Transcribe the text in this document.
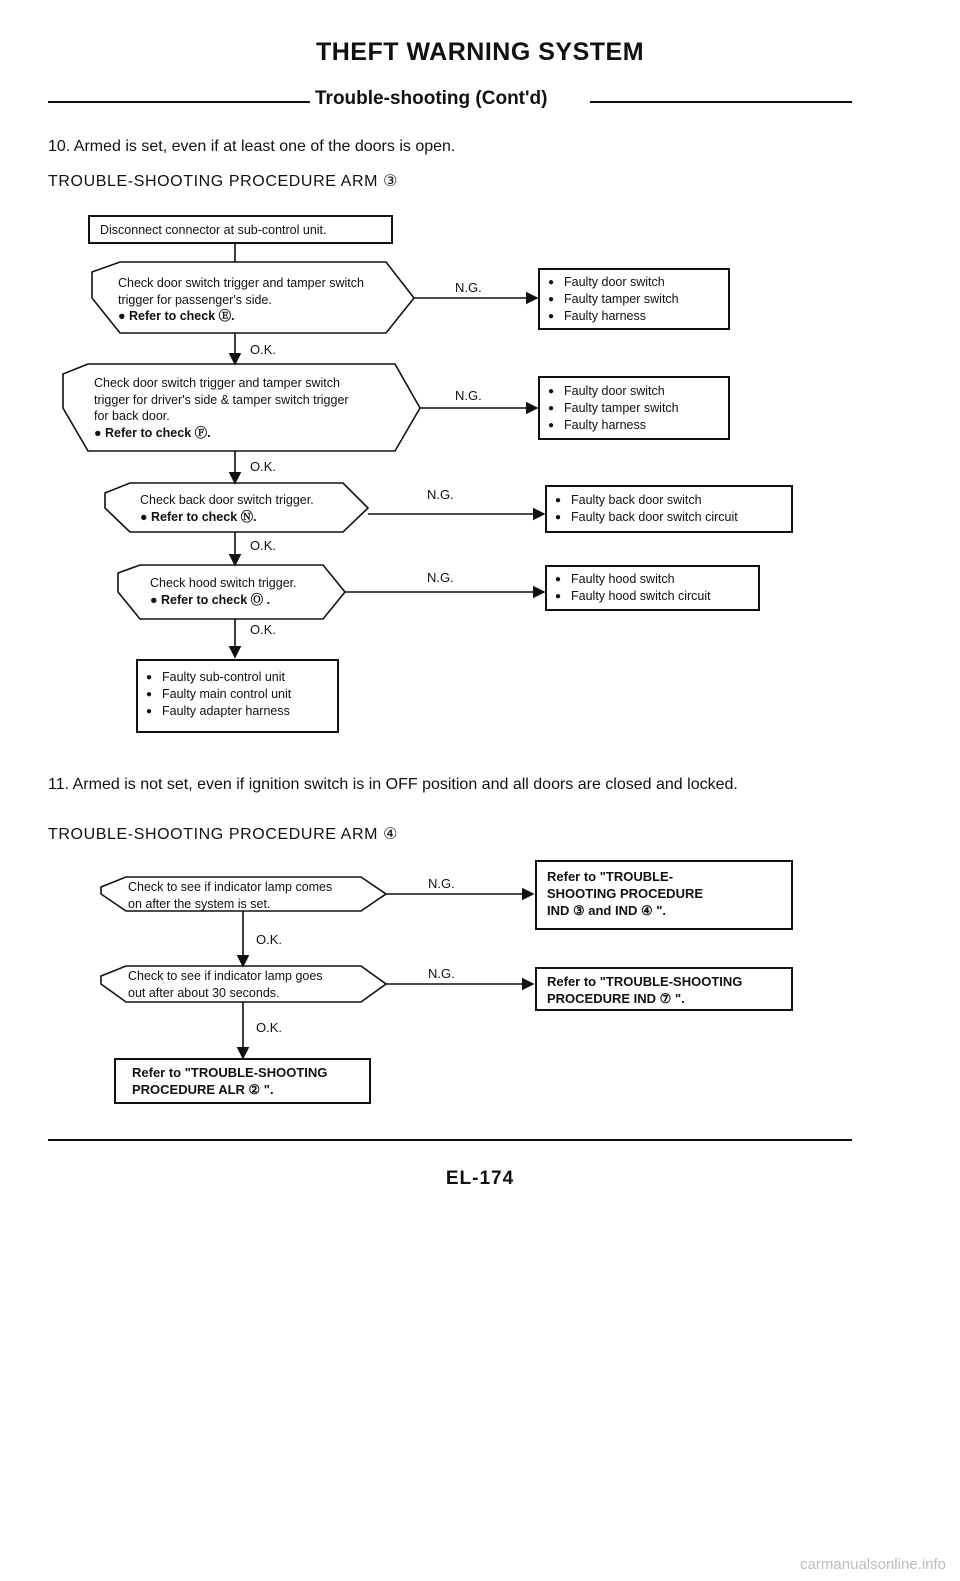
THEFT WARNING SYSTEM
Trouble-shooting (Cont'd)
10. Armed is set, even if at least one of the doors is open.
TROUBLE-SHOOTING PROCEDURE ARM ③
Disconnect connector at sub-control unit.
Check door switch trigger and tamper switch
trigger for passenger's side.
● Refer to check Ⓔ.
Check door switch trigger and tamper switch
trigger for driver's side & tamper switch trigger
for back door.
● Refer to check Ⓕ.
Check back door switch trigger.
● Refer to check Ⓝ.
Check hood switch trigger.
● Refer to check Ⓞ .
N.G.
N.G.
N.G.
N.G.
O.K.
O.K.
O.K.
O.K.
● Faulty door switch
● Faulty tamper switch
● Faulty harness
● Faulty door switch
● Faulty tamper switch
● Faulty harness
● Faulty back door switch
● Faulty back door switch circuit
● Faulty hood switch
● Faulty hood switch circuit
● Faulty sub-control unit
● Faulty main control unit
● Faulty adapter harness
11. Armed is not set, even if ignition switch is in OFF position and all doors are closed and locked.
TROUBLE-SHOOTING PROCEDURE ARM ④
Check to see if indicator lamp comes
on after the system is set.
Check to see if indicator lamp goes
out after about 30 seconds.
N.G.
N.G.
O.K.
O.K.
Refer to "TROUBLE-
SHOOTING PROCEDURE
IND ③ and IND ④ ".
Refer to "TROUBLE-SHOOTING
PROCEDURE IND ⑦ ".
Refer to "TROUBLE-SHOOTING
PROCEDURE ALR ② ".
EL-174
carmanualsonline.info
